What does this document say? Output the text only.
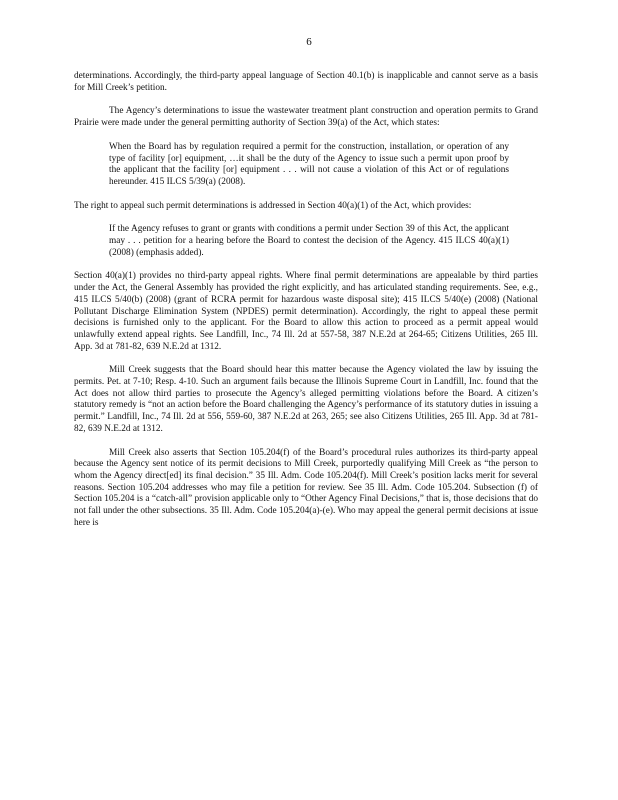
6

determinations. Accordingly, the third-party appeal language of Section 40.1(b) is inapplicable and cannot serve as a basis for Mill Creek’s petition.

The Agency’s determinations to issue the wastewater treatment plant construction and operation permits to Grand Prairie were made under the general permitting authority of Section 39(a) of the Act, which states:

When the Board has by regulation required a permit for the construction, installation, or operation of any type of facility [or] equipment, …it shall be the duty of the Agency to issue such a permit upon proof by the applicant that the facility [or] equipment . . . will not cause a violation of this Act or of regulations hereunder. 415 ILCS 5/39(a) (2008).

The right to appeal such permit determinations is addressed in Section 40(a)(1) of the Act, which provides:

If the Agency refuses to grant or grants with conditions a permit under Section 39 of this Act, the applicant may . . . petition for a hearing before the Board to contest the decision of the Agency. 415 ILCS 40(a)(1) (2008) (emphasis added).

Section 40(a)(1) provides no third-party appeal rights. Where final permit determinations are appealable by third parties under the Act, the General Assembly has provided the right explicitly, and has articulated standing requirements. See, e.g., 415 ILCS 5/40(b) (2008) (grant of RCRA permit for hazardous waste disposal site); 415 ILCS 5/40(e) (2008) (National Pollutant Discharge Elimination System (NPDES) permit determination). Accordingly, the right to appeal these permit decisions is furnished only to the applicant. For the Board to allow this action to proceed as a permit appeal would unlawfully extend appeal rights. See Landfill, Inc., 74 Ill. 2d at 557-58, 387 N.E.2d at 264-65; Citizens Utilities, 265 Ill. App. 3d at 781-82, 639 N.E.2d at 1312.

Mill Creek suggests that the Board should hear this matter because the Agency violated the law by issuing the permits. Pet. at 7-10; Resp. 4-10. Such an argument fails because the Illinois Supreme Court in Landfill, Inc. found that the Act does not allow third parties to prosecute the Agency’s alleged permitting violations before the Board. A citizen’s statutory remedy is “not an action before the Board challenging the Agency’s performance of its statutory duties in issuing a permit.” Landfill, Inc., 74 Ill. 2d at 556, 559-60, 387 N.E.2d at 263, 265; see also Citizens Utilities, 265 Ill. App. 3d at 781-82, 639 N.E.2d at 1312.

Mill Creek also asserts that Section 105.204(f) of the Board’s procedural rules authorizes its third-party appeal because the Agency sent notice of its permit decisions to Mill Creek, purportedly qualifying Mill Creek as “the person to whom the Agency direct[ed] its final decision.” 35 Ill. Adm. Code 105.204(f). Mill Creek’s position lacks merit for several reasons. Section 105.204 addresses who may file a petition for review. See 35 Ill. Adm. Code 105.204. Subsection (f) of Section 105.204 is a “catch-all” provision applicable only to “Other Agency Final Decisions,” that is, those decisions that do not fall under the other subsections. 35 Ill. Adm. Code 105.204(a)-(e). Who may appeal the general permit decisions at issue here is
